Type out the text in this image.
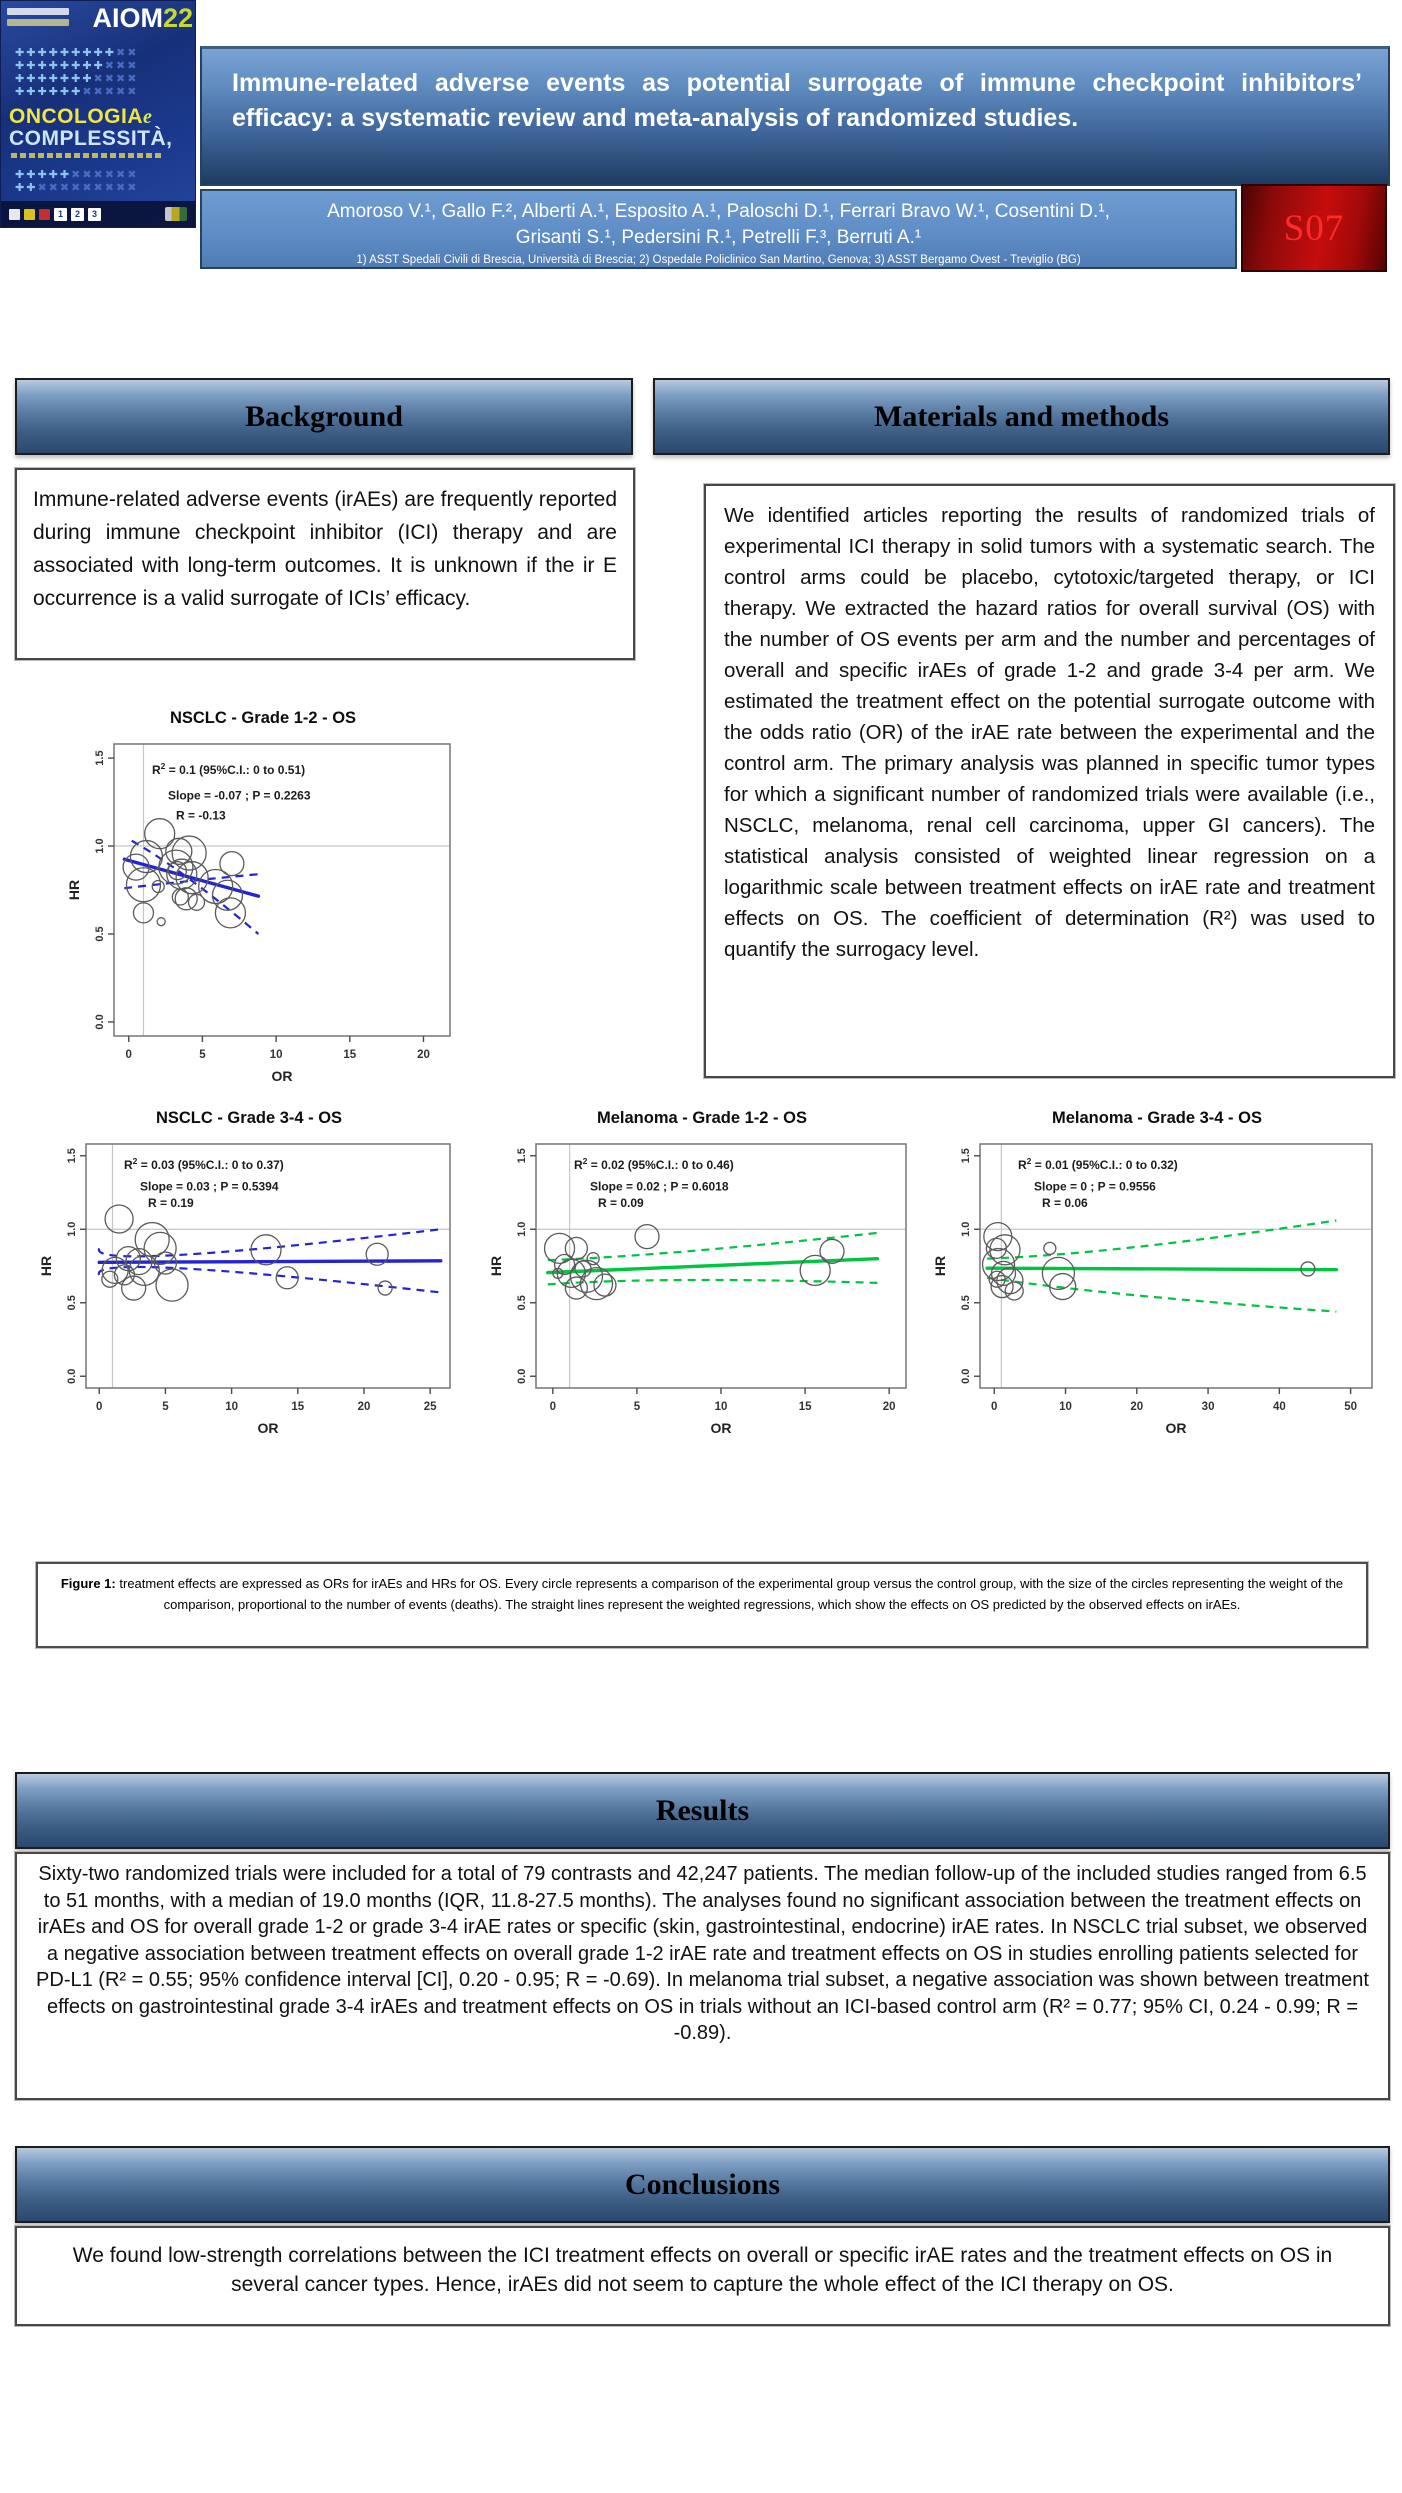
AIOM22
✚✚✚✚✚✚✚✚✚✖✖
✚✚✚✚✚✚✚✚✖✖✖
✚✚✚✚✚✚✚✖✖✖✖
✚✚✚✚✚✚✖✖✖✖✖
ONCOLOGIAe
COMPLESSITÀ,
✚✚✚✚✚✖✖✖✖✖✖
✚✚✖✖✖✖✖✖✖✖✖
1	2	3

Immune-related adverse events as potential surrogate of immune checkpoint inhibitors’ efficacy: a systematic review and meta-analysis of randomized studies.

Amoroso V.¹, Gallo F.², Alberti A.¹, Esposito A.¹, Paloschi D.¹, Ferrari Bravo W.¹, Cosentini D.¹,
Grisanti S.¹, Pedersini R.¹, Petrelli F.³, Berruti A.¹
1) ASST Spedali Civili di Brescia, Università di Brescia; 2) Ospedale Policlinico San Martino, Genova; 3) ASST Bergamo Ovest - Treviglio (BG)
S07
Background	Materials and methods

Immune-related adverse events (irAEs) are frequently reported during immune checkpoint inhibitor (ICI) therapy and are associated with long-term outcomes. It is unknown if the ir E occurrence is a valid surrogate of ICIs’ efficacy.

We identified articles reporting the results of randomized trials of experimental ICI therapy in solid tumors with a systematic search. The control arms could be placebo, cytotoxic/targeted therapy, or ICI therapy. We extracted the hazard ratios for overall survival (OS) with the number of OS events per arm and the number and percentages of overall and specific irAEs of grade 1-2 and grade 3-4 per arm. We estimated the treatment effect on the potential surrogate outcome with the odds ratio (OR) of the irAE rate between the experimental and the control arm. The primary analysis was planned in specific tumor types for which a significant number of randomized trials were available (i.e., NSCLC, melanoma, renal cell carcinoma, upper GI cancers). The statistical analysis consisted of weighted linear regression on a logarithmic scale between treatment effects on irAE rate and treatment effects on OS. The coefficient of determination (R²) was used to quantify the surrogacy level.

NSCLC - Grade 1-2 - OS
0	5	10	15	20
0.0
0.5
1.0
1.5
OR
HR
$R^2 = 0.1$ (95%C.I.: 0 to 0.51)
Slope = -0.07 ; P = 0.2263
R = -0.13
NSCLC - Grade 3-4 - OS
0	5	10	15	20	25
0.0
0.5
1.0
1.5
OR
HR
$R^2 = 0.03$ (95%C.I.: 0 to 0.37)
Slope = 0.03 ; P = 0.5394
R = 0.19
Melanoma - Grade 1-2 - OS
0	5	10	15	20
0.0
0.5
1.0
1.5
OR
HR
$R^2 = 0.02$ (95%C.I.: 0 to 0.46)
Slope = 0.02 ; P = 0.6018
R = 0.09
Melanoma - Grade 3-4 - OS
0	10	20	30	40	50
0.0
0.5
1.0
1.5
OR
HR
$R^2 = 0.01$ (95%C.I.: 0 to 0.32)
Slope = 0 ; P = 0.9556
R = 0.06

Figure 1: treatment effects are expressed as ORs for irAEs and HRs for OS. Every circle represents a comparison of the experimental group versus the control group, with the size of the circles representing the weight of the comparison, proportional to the number of events (deaths). The straight lines represent the weighted regressions, which show the effects on OS predicted by the observed effects on irAEs.

Results

Sixty-two randomized trials were included for a total of 79 contrasts and 42,247 patients. The median follow-up of the included studies ranged from 6.5 to 51 months, with a median of 19.0 months (IQR, 11.8-27.5 months). The analyses found no significant association between the treatment effects on irAEs and OS for overall grade 1-2 or grade 3-4 irAE rates or specific (skin, gastrointestinal, endocrine) irAE rates. In NSCLC trial subset, we observed a negative association between treatment effects on overall grade 1-2 irAE rate and treatment effects on OS in studies enrolling patients selected for PD-L1 (R² = 0.55; 95% confidence interval [CI], 0.20 - 0.95; R = -0.69). In melanoma trial subset, a negative association was shown between treatment effects on gastrointestinal grade 3-4 irAEs and treatment effects on OS in trials without an ICI-based control arm (R² = 0.77; 95% CI, 0.24 - 0.99; R = -0.89).

Conclusions

We found low-strength correlations between the ICI treatment effects on overall or specific irAE rates and the treatment effects on OS in several cancer types. Hence, irAEs did not seem to capture the whole effect of the ICI therapy on OS.
